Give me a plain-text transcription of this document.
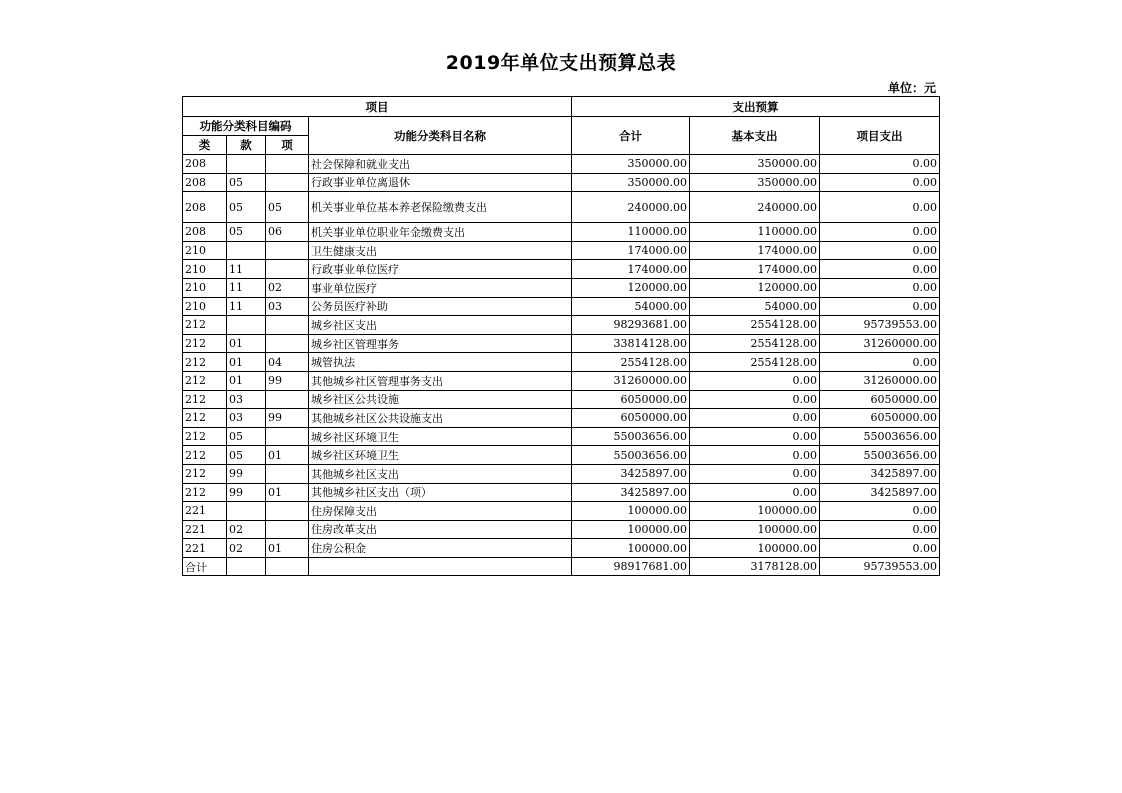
2019年单位支出预算总表
单位：元
项目				支出预算		
功能分类科目编码			功能分类科目名称	合计	基本支出	项目支出
类	款	项				
208			社会保障和就业支出	350000.00	350000.00	0.00
208	05		行政事业单位离退休	350000.00	350000.00	0.00
208	05	05	机关事业单位基本养老保险缴费支出	240000.00	240000.00	0.00
208	05	06	机关事业单位职业年金缴费支出	110000.00	110000.00	0.00
210			卫生健康支出	174000.00	174000.00	0.00
210	11		行政事业单位医疗	174000.00	174000.00	0.00
210	11	02	事业单位医疗	120000.00	120000.00	0.00
210	11	03	公务员医疗补助	54000.00	54000.00	0.00
212			城乡社区支出	98293681.00	2554128.00	95739553.00
212	01		城乡社区管理事务	33814128.00	2554128.00	31260000.00
212	01	04	城管执法	2554128.00	2554128.00	0.00
212	01	99	其他城乡社区管理事务支出	31260000.00	0.00	31260000.00
212	03		城乡社区公共设施	6050000.00	0.00	6050000.00
212	03	99	其他城乡社区公共设施支出	6050000.00	0.00	6050000.00
212	05		城乡社区环境卫生	55003656.00	0.00	55003656.00
212	05	01	城乡社区环境卫生	55003656.00	0.00	55003656.00
212	99		其他城乡社区支出	3425897.00	0.00	3425897.00
212	99	01	其他城乡社区支出（项）	3425897.00	0.00	3425897.00
221			住房保障支出	100000.00	100000.00	0.00
221	02		住房改革支出	100000.00	100000.00	0.00
221	02	01	住房公积金	100000.00	100000.00	0.00
合计				98917681.00	3178128.00	95739553.00
